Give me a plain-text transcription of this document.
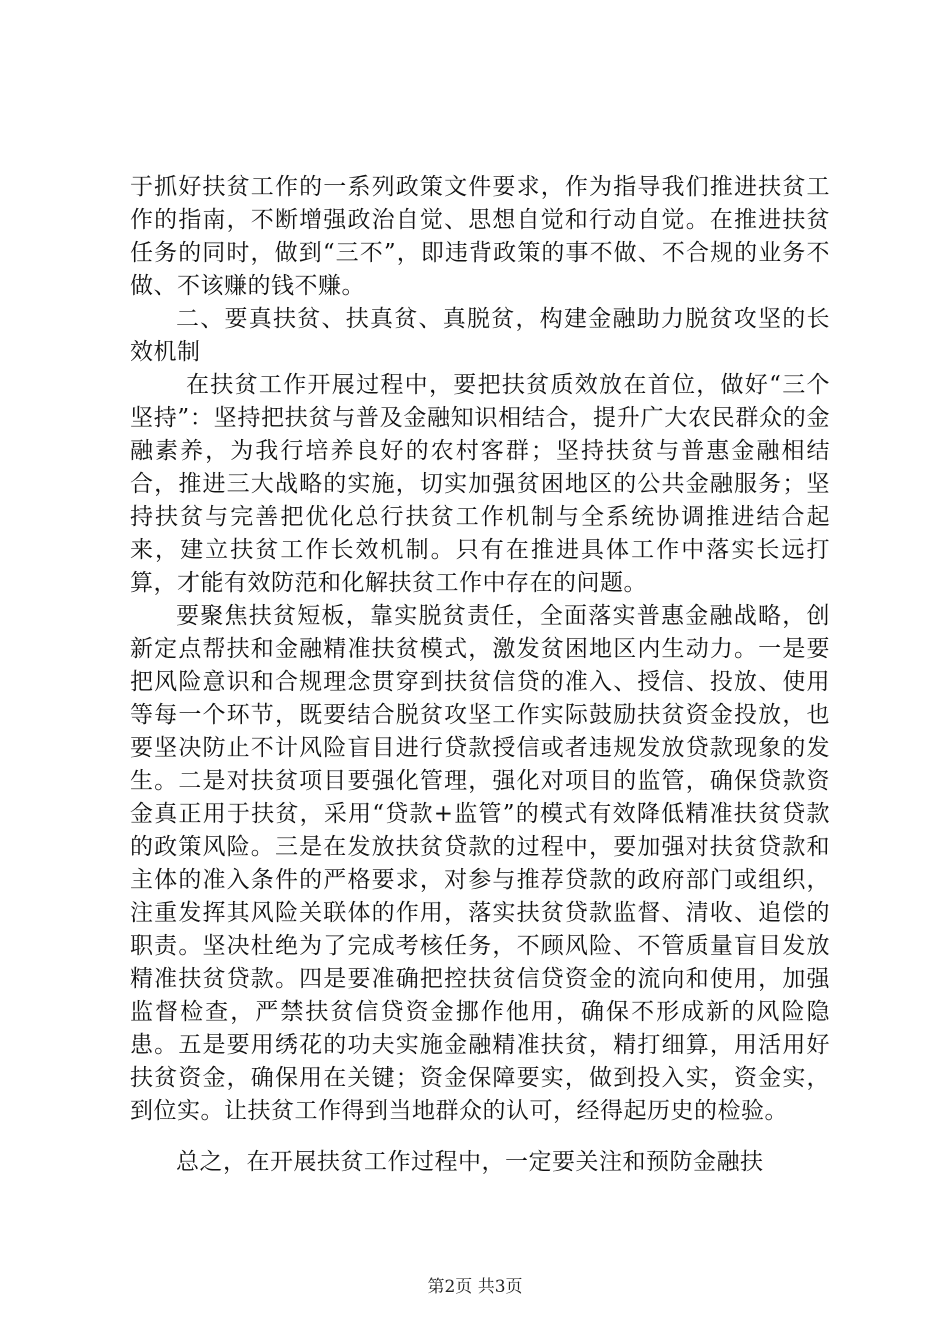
于抓好扶贫工作的一系列政策文件要求，作为指导我们推进扶贫工作的指南，不断增强政治自觉、思想自觉和行动自觉。在推进扶贫任务的同时，做到“三不”，即违背政策的事不做、不合规的业务不做、不该赚的钱不赚。

二、要真扶贫、扶真贫、真脱贫，构建金融助力脱贫攻坚的长效机制

在扶贫工作开展过程中，要把扶贫质效放在首位，做好“三个坚持”：坚持把扶贫与普及金融知识相结合，提升广大农民群众的金融素养，为我行培养良好的农村客群；坚持扶贫与普惠金融相结合，推进三大战略的实施，切实加强贫困地区的公共金融服务；坚持扶贫与完善把优化总行扶贫工作机制与全系统协调推进结合起来，建立扶贫工作长效机制。只有在推进具体工作中落实长远打算，才能有效防范和化解扶贫工作中存在的问题。

要聚焦扶贫短板，靠实脱贫责任，全面落实普惠金融战略，创新定点帮扶和金融精准扶贫模式，激发贫困地区内生动力。一是要把风险意识和合规理念贯穿到扶贫信贷的准入、授信、投放、使用等每一个环节，既要结合脱贫攻坚工作实际鼓励扶贫资金投放，也要坚决防止不计风险盲目进行贷款授信或者违规发放贷款现象的发生。二是对扶贫项目要强化管理，强化对项目的监管，确保贷款资金真正用于扶贫，采用“贷款+监管”的模式有效降低精准扶贫贷款的政策风险。三是在发放扶贫贷款的过程中，要加强对扶贫贷款和主体的准入条件的严格要求，对参与推荐贷款的政府部门或组织，注重发挥其风险关联体的作用，落实扶贫贷款监督、清收、追偿的职责。坚决杜绝为了完成考核任务，不顾风险、不管质量盲目发放精准扶贫贷款。四是要准确把控扶贫信贷资金的流向和使用，加强监督检查，严禁扶贫信贷资金挪作他用，确保不形成新的风险隐患。五是要用绣花的功夫实施金融精准扶贫，精打细算，用活用好扶贫资金，确保用在关键；资金保障要实，做到投入实，资金实，到位实。让扶贫工作得到当地群众的认可，经得起历史的检验。

总之，在开展扶贫工作过程中，一定要关注和预防金融扶

第2页 共3页
